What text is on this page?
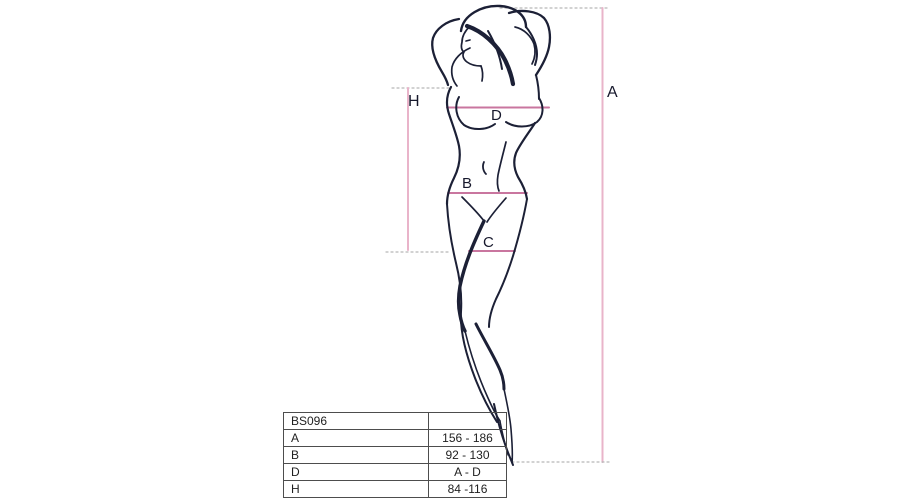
A
H
D
B
C
BS096	
A	156 - 186
B	92 - 130
D	A - D
H	84 -116
